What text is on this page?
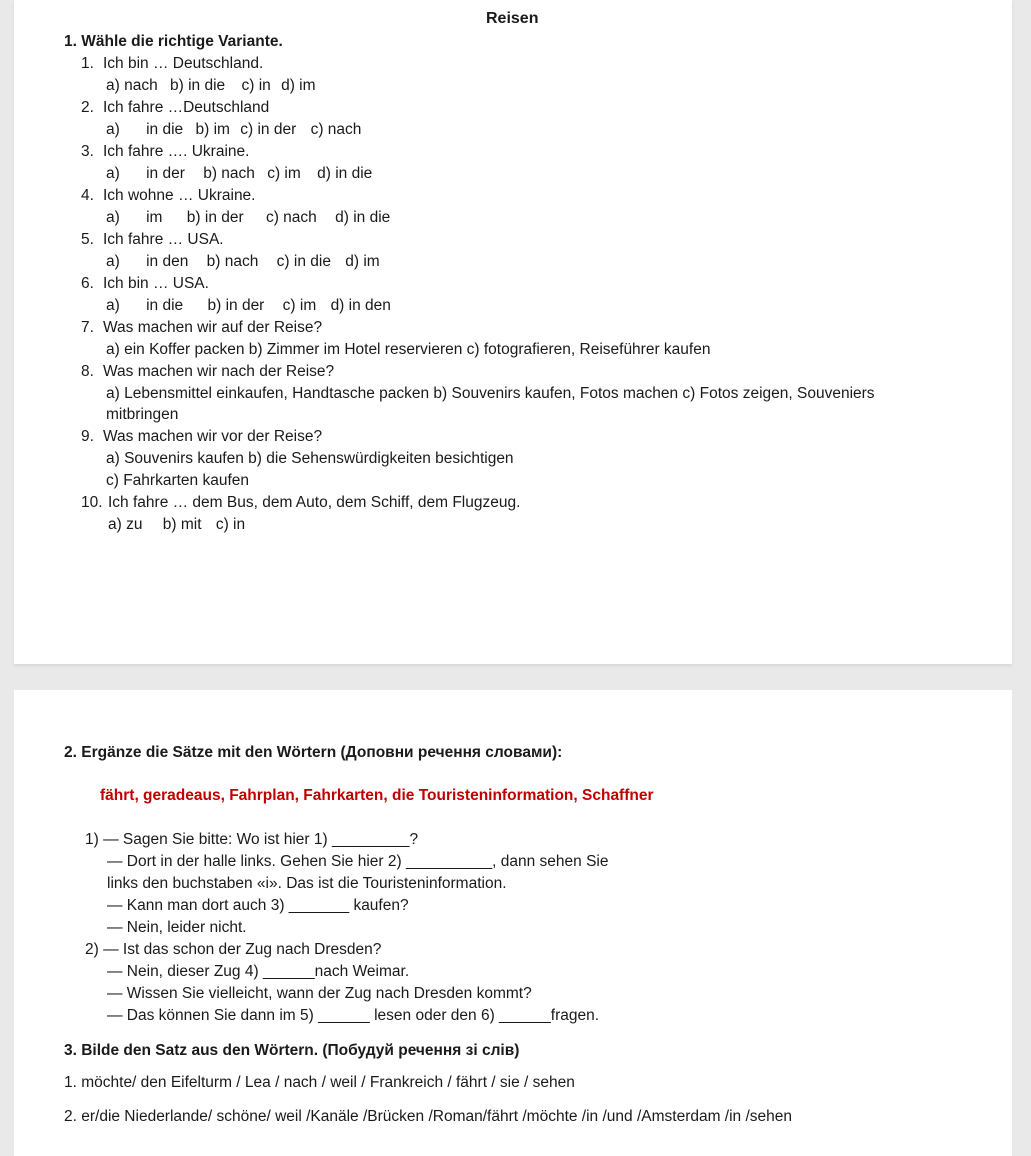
Reisen
1. Wähle die richtige Variante.
1. Ich bin … Deutschland.
a) nach b) in die c) in d) im
2. Ich fahre …Deutschland
a) in die b) im c) in der c) nach
3. Ich fahre …. Ukraine.
a) in der b) nach c) im d) in die
4. Ich wohne … Ukraine.
a) im b) in der c) nach d) in die
5. Ich fahre … USA.
a) in den b) nach c) in die d) im
6. Ich bin … USA.
a) in die b) in der c) im d) in den
7. Was machen wir auf der Reise?
a) ein Koffer packen b) Zimmer im Hotel reservieren c) fotografieren, Reiseführer kaufen
8. Was machen wir nach der Reise?
a) Lebensmittel einkaufen, Handtasche packen b) Souvenirs kaufen, Fotos machen c) Fotos zeigen, Souveniers
mitbringen
9. Was machen wir vor der Reise?
a) Souvenirs kaufen b) die Sehenswürdigkeiten besichtigen
c) Fahrkarten kaufen
10. Ich fahre … dem Bus, dem Auto, dem Schiff, dem Flugzeug.
a) zu b) mit c) in
2. Ergänze die Sätze mit den Wörtern (Доповни речення словами):
fährt, geradeaus, Fahrplan, Fahrkarten, die Touristeninformation, Schaffner
1) — Sagen Sie bitte: Wo ist hier 1) _________?
— Dort in der halle links. Gehen Sie hier 2) __________, dann sehen Sie
links den buchstaben «i». Das ist die Touristeninformation.
— Kann man dort auch 3) _______ kaufen?
— Nein, leider nicht.
2) — Ist das schon der Zug nach Dresden?
— Nein, dieser Zug 4) ______nach Weimar.
— Wissen Sie vielleicht, wann der Zug nach Dresden kommt?
— Das können Sie dann im 5) ______ lesen oder den 6) ______fragen.
3. Bilde den Satz aus den Wörtern. (Побудуй речення зі слів)
1. möchte/ den Eifelturm / Lea / nach / weil / Frankreich / fährt / sie / sehen
2. er/die Niederlande/ schöne/ weil /Kanäle /Brücken /Roman/fährt /möchte /in /und /Amsterdam /in /sehen
